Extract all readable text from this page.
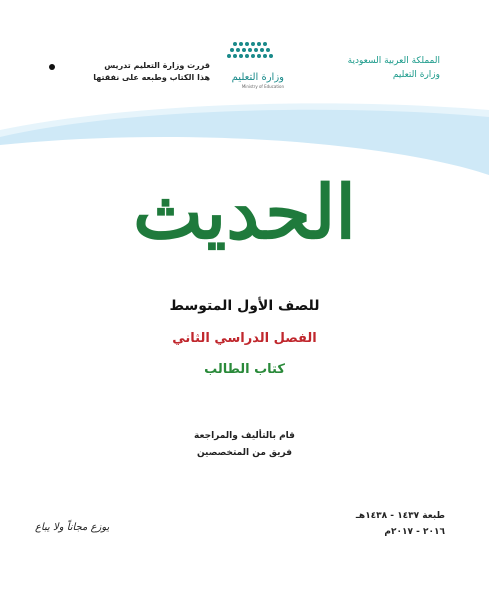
قررت وزارة التعليم تدريس
هذا الكتاب وطبعه على نفقتها	وزارة التعليم
Ministry of Education
المملكة العربية السعودية
وزارة التعليم
الحديث
للصف الأول المتوسط
الفصل الدراسي الثاني
كتاب الطالب
قام بالتأليف والمراجعة
فريق من المتخصصين
طبعة ١٤٣٧ - ١٤٣٨هـ
٢٠١٦ - ٢٠١٧م
يوزع مجاناً ولا يباع
